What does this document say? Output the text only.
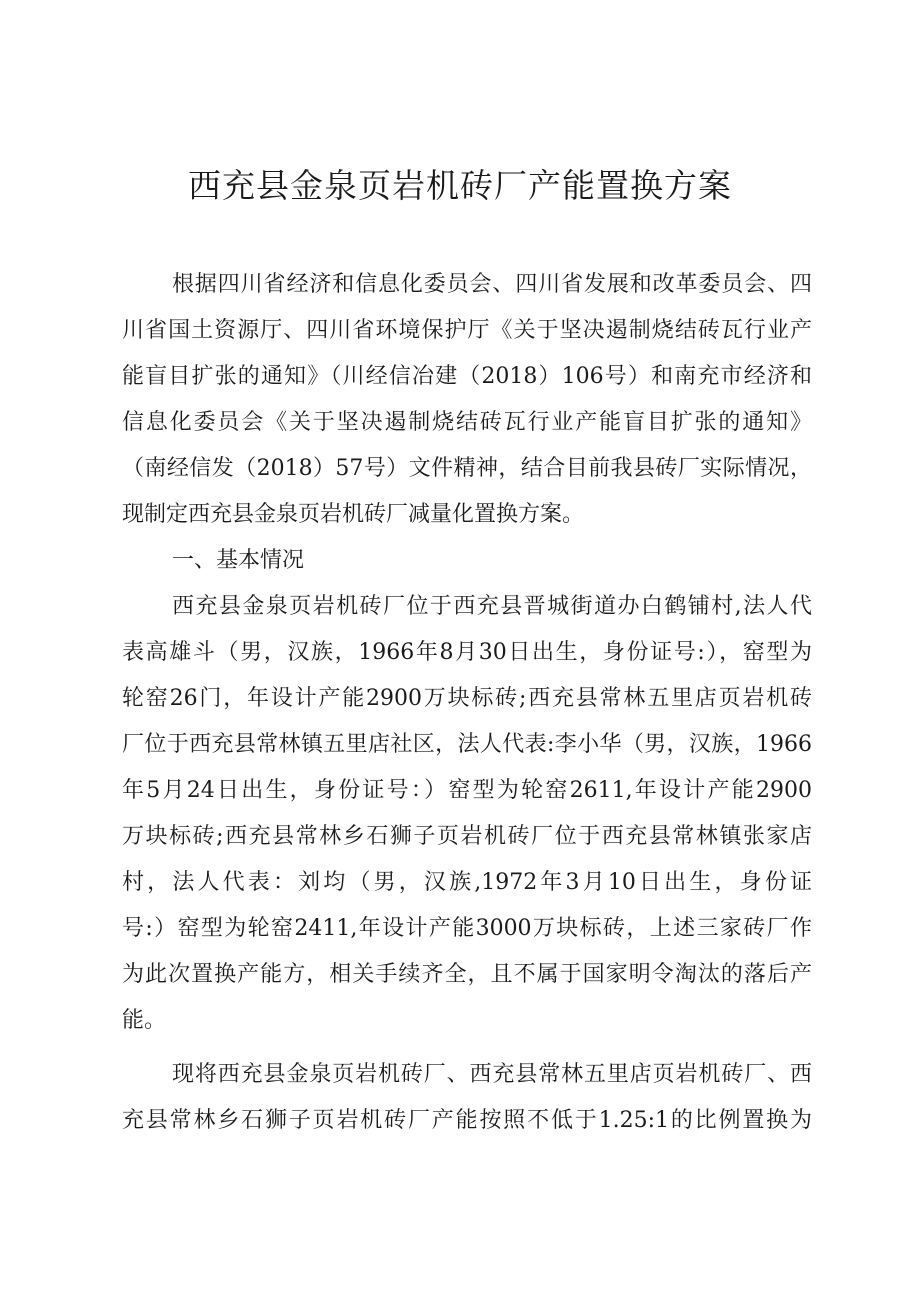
西充县金泉页岩机砖厂产能置换方案
根据四川省经济和信息化委员会、四川省发展和改革委员会、四
川省国土资源厅、四川省环境保护厅《关于坚决遏制烧结砖瓦行业产
能盲目扩张的通知》（川经信冶建（2018）106号）和南充市经济和
信息化委员会《关于坚决遏制烧结砖瓦行业产能盲目扩张的通知》
（南经信发（2018）57号）文件精神，结合目前我县砖厂实际情况，
现制定西充县金泉页岩机砖厂减量化置换方案。
一、基本情况
西充县金泉页岩机砖厂位于西充县晋城街道办白鹤铺村,法人代
表高雄斗（男，汉族，1966年8月30日出生，身份证号:），窑型为
轮窑26门，年设计产能2900万块标砖;西充县常林五里店页岩机砖
厂位于西充县常林镇五里店社区，法人代表:李小华（男，汉族，1966
年5月24日出生，身份证号：）窑型为轮窑2611,年设计产能2900
万块标砖;西充县常林乡石狮子页岩机砖厂位于西充县常林镇张家店
村，法人代表：刘均（男，汉族,1972年3月10日出生，身份证
号:）窑型为轮窑2411,年设计产能3000万块标砖，上述三家砖厂作
为此次置换产能方，相关手续齐全，且不属于国家明令淘汰的落后产
能。
现将西充县金泉页岩机砖厂、西充县常林五里店页岩机砖厂、西
充县常林乡石狮子页岩机砖厂产能按照不低于1.25:1的比例置换为
